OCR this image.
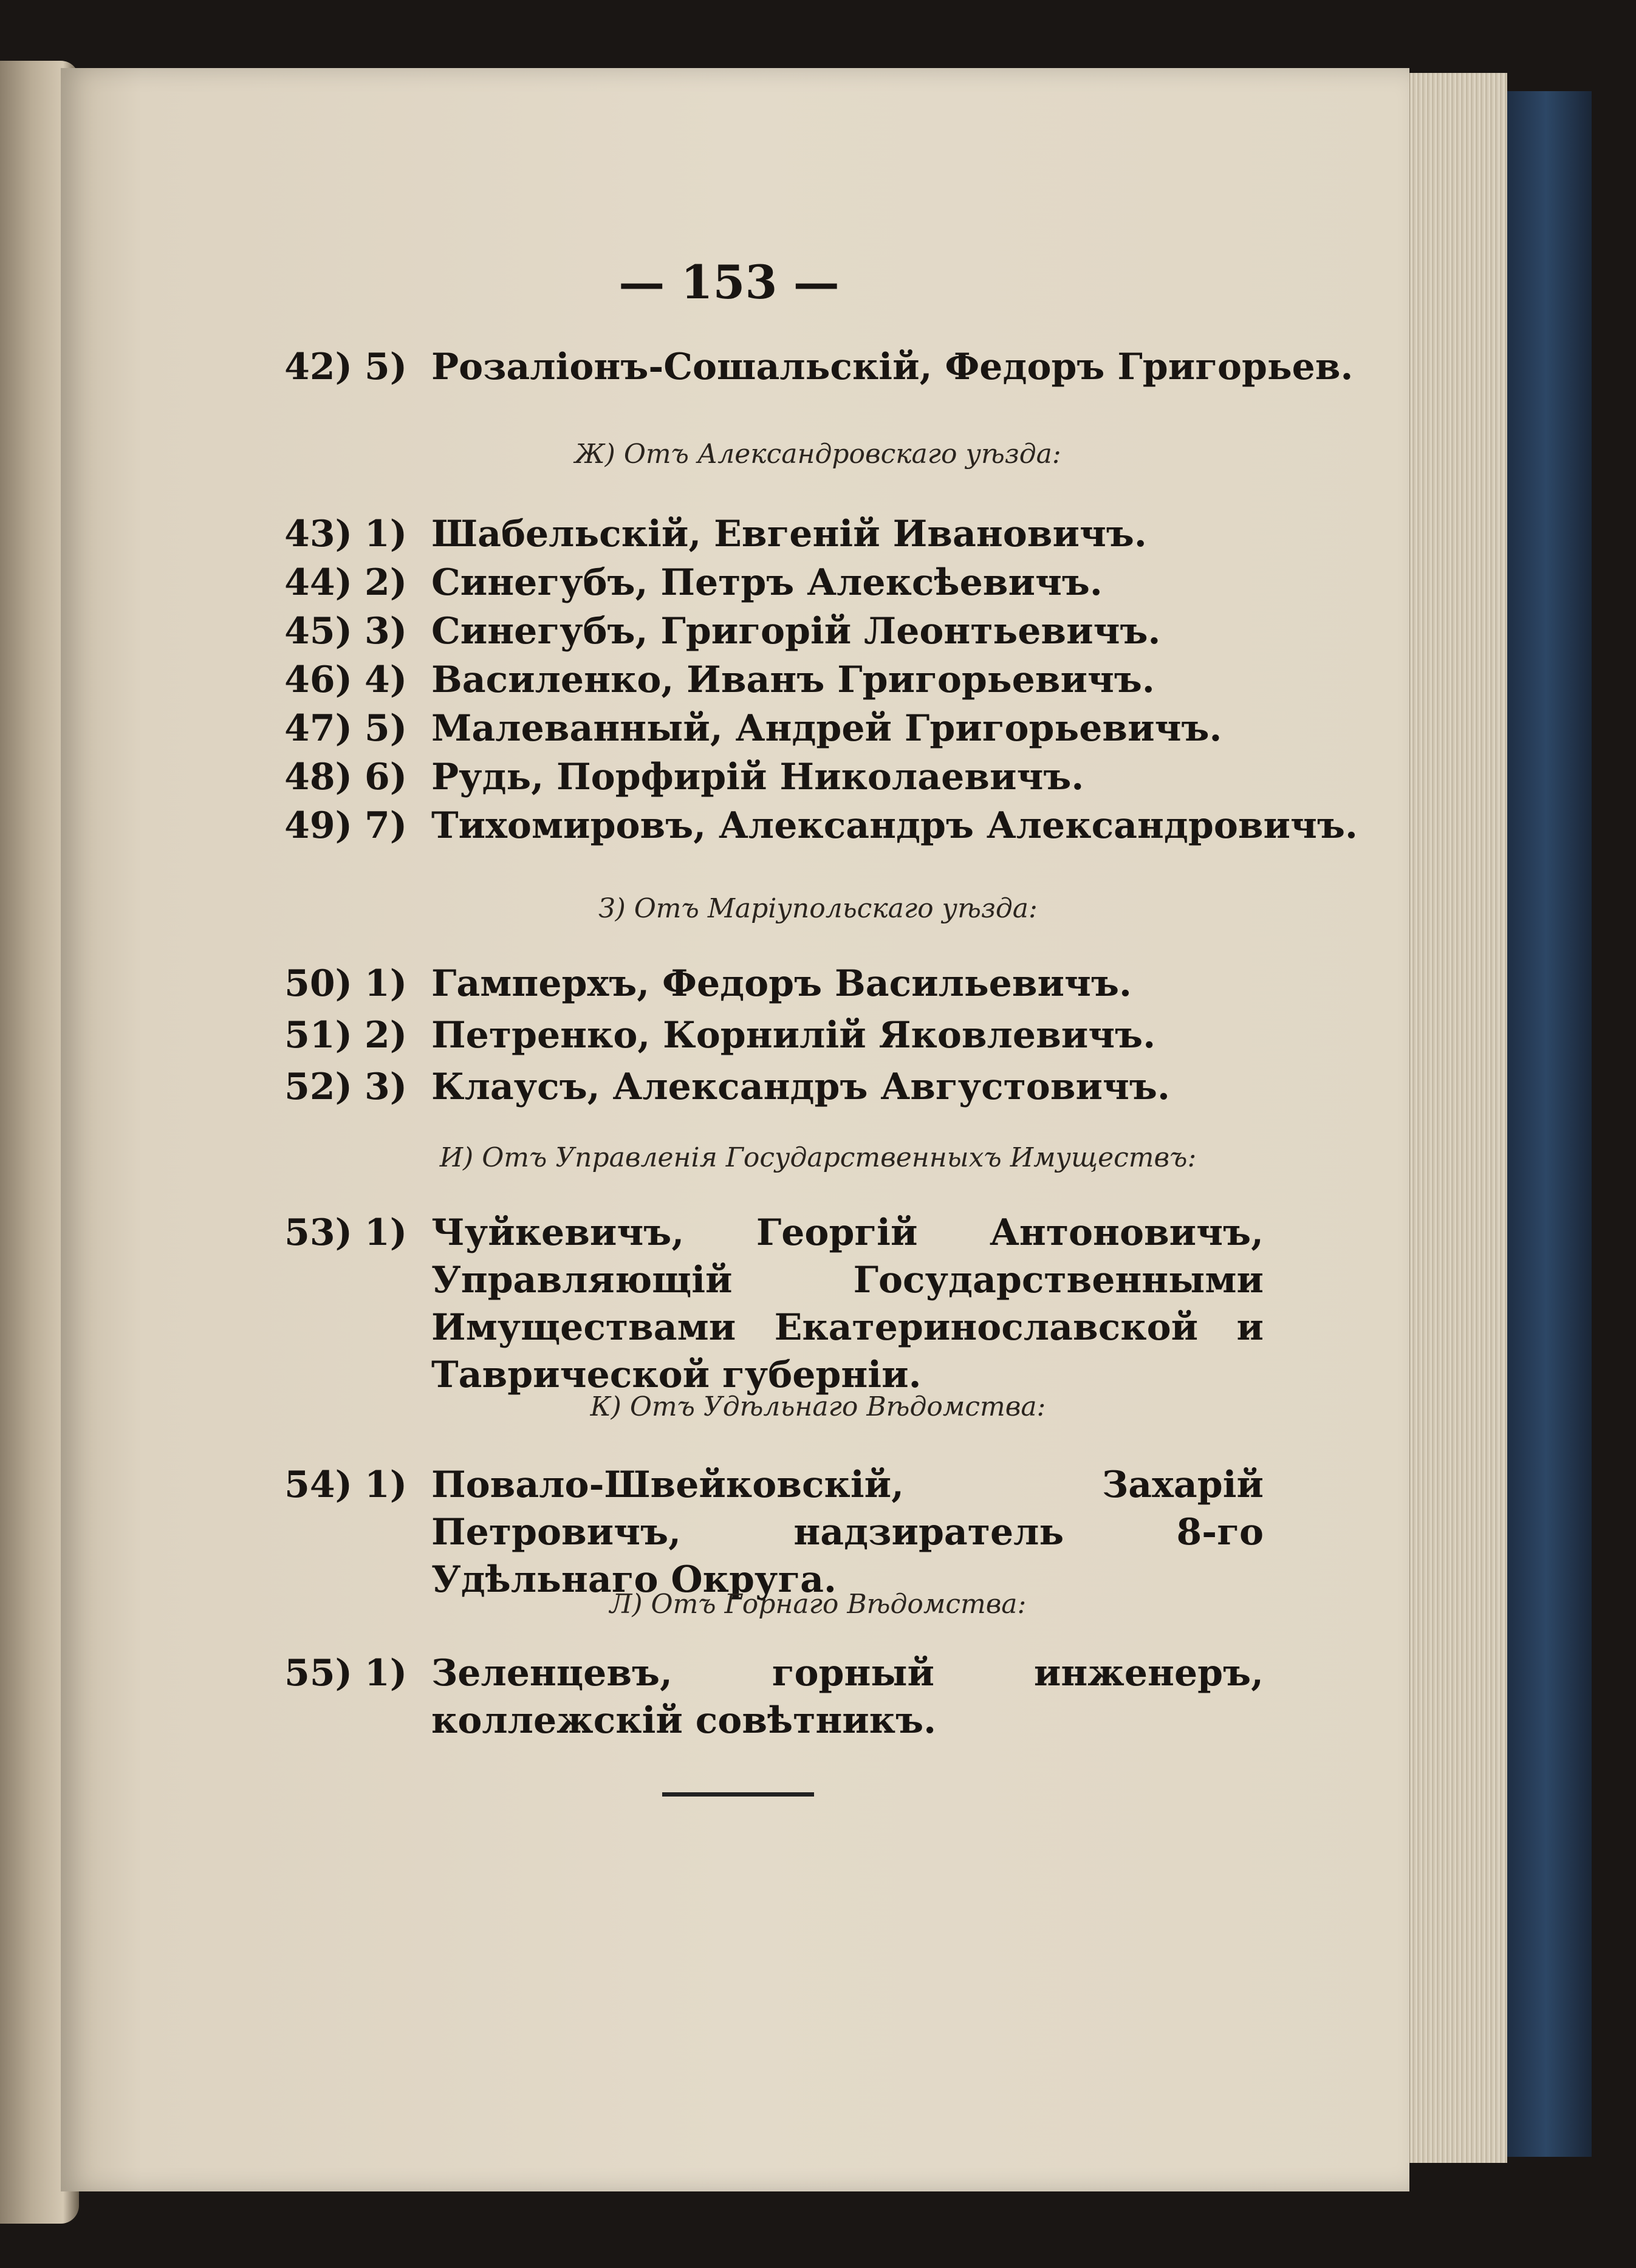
— 153 —
42) 5) Розаліонъ-Сошальскій, Федоръ Григорьев.
Ж) Отъ Александровскаго уѣзда:
43) 1) Шабельскій, Евгеній Ивановичъ.
44) 2) Синегубъ, Петръ Алексѣевичъ.
45) 3) Синегубъ, Григорій Леонтьевичъ.
46) 4) Василенко, Иванъ Григорьевичъ.
47) 5) Малеванный, Андрей Григорьевичъ.
48) 6) Рудь, Порфирій Николаевичъ.
49) 7) Тихомировъ, Александръ Александровичъ.
З) Отъ Маріупольскаго уѣзда:
50) 1) Гамперхъ, Федоръ Васильевичъ.
51) 2) Петренко, Корнилій Яковлевичъ.
52) 3) Клаусъ, Александръ Августовичъ.
И) Отъ Управленія Государственныхъ Имуществъ:
53) 1) Чуйкевичъ, Георгій Антоновичъ, Управляющій Государственными Имуществами Екатеринославской и Таврической губерніи.
К) Отъ Удѣльнаго Вѣдомства:
54) 1) Повало-Швейковскій, Захарій Петровичъ, надзиратель 8-го Удѣльнаго Округа.
Л) Отъ Горнаго Вѣдомства:
55) 1) Зеленцевъ, горный инженеръ, коллежскій совѣтникъ.
